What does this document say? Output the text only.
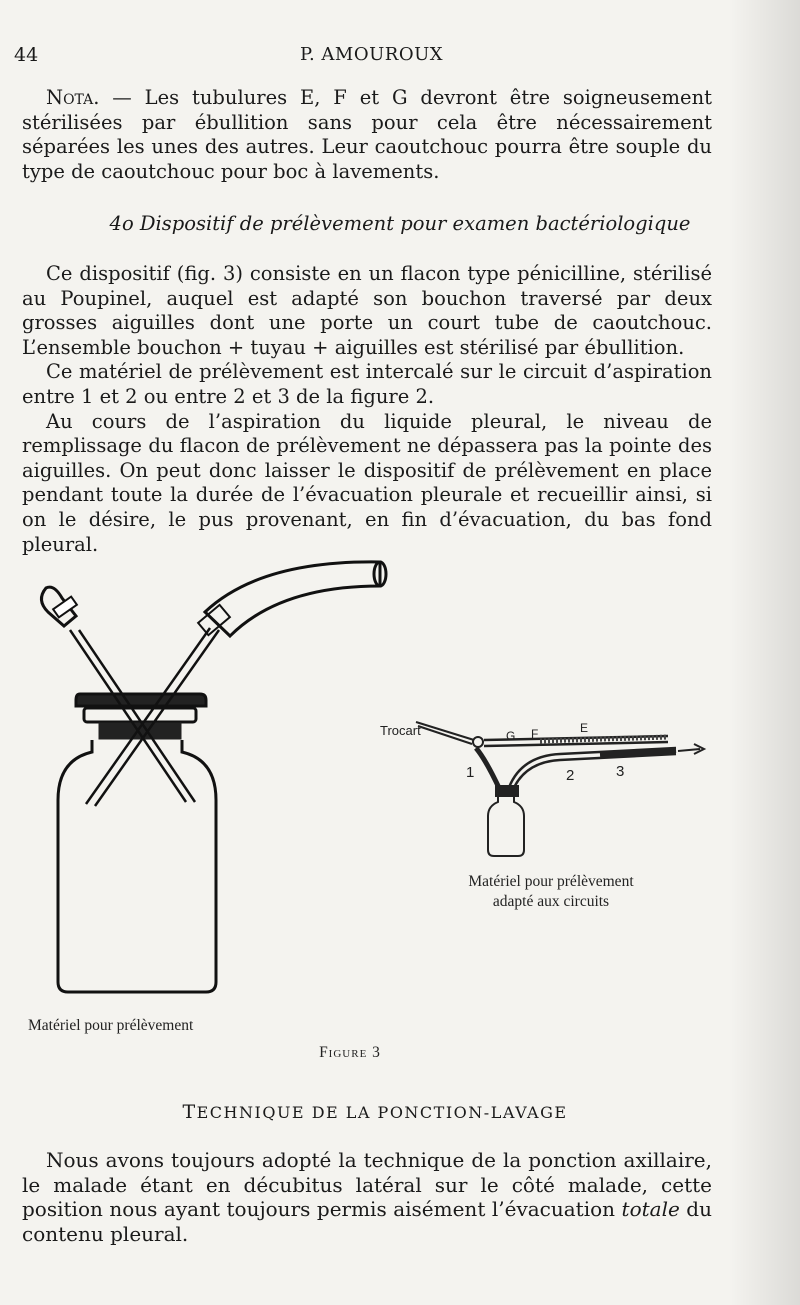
44	P. AMOUROUX
Nota. — Les tubulures E, F et G devront être soigneusement stérilisées par ébullition sans pour cela être nécessairement séparées les unes des autres. Leur caoutchouc pourra être souple du type de caoutchouc pour boc à lavements.
4o Dispositif de prélèvement pour examen bactériologique

Ce dispositif (fig. 3) consiste en un flacon type pénicilline, stérilisé au Poupinel, auquel est adapté son bouchon traversé par deux grosses aiguilles dont une porte un court tube de caoutchouc. L’ensemble bouchon + tuyau + aiguilles est stérilisé par ébullition.

Ce matériel de prélèvement est intercalé sur le circuit d’aspiration entre 1 et 2 ou entre 2 et 3 de la figure 2.

Au cours de l’aspiration du liquide pleural, le niveau de remplissage du flacon de prélèvement ne dépassera pas la pointe des aiguilles. On peut donc laisser le dispositif de prélèvement en place pendant toute la durée de l’évacuation pleurale et recueillir ainsi, si on le désire, le pus provenant, en fin d’évacuation, du bas fond pleural.

Trocart	G F	E
1	2	3
Matériel pour prélèvement
adapté aux circuits
Matériel pour prélèvement
Figure 3
TECHNIQUE DE LA PONCTION-LAVAGE
Nous avons toujours adopté la technique de la ponction axillaire, le malade étant en décubitus latéral sur le côté malade, cette position nous ayant toujours permis aisément l’évacuation totale du contenu pleural.
